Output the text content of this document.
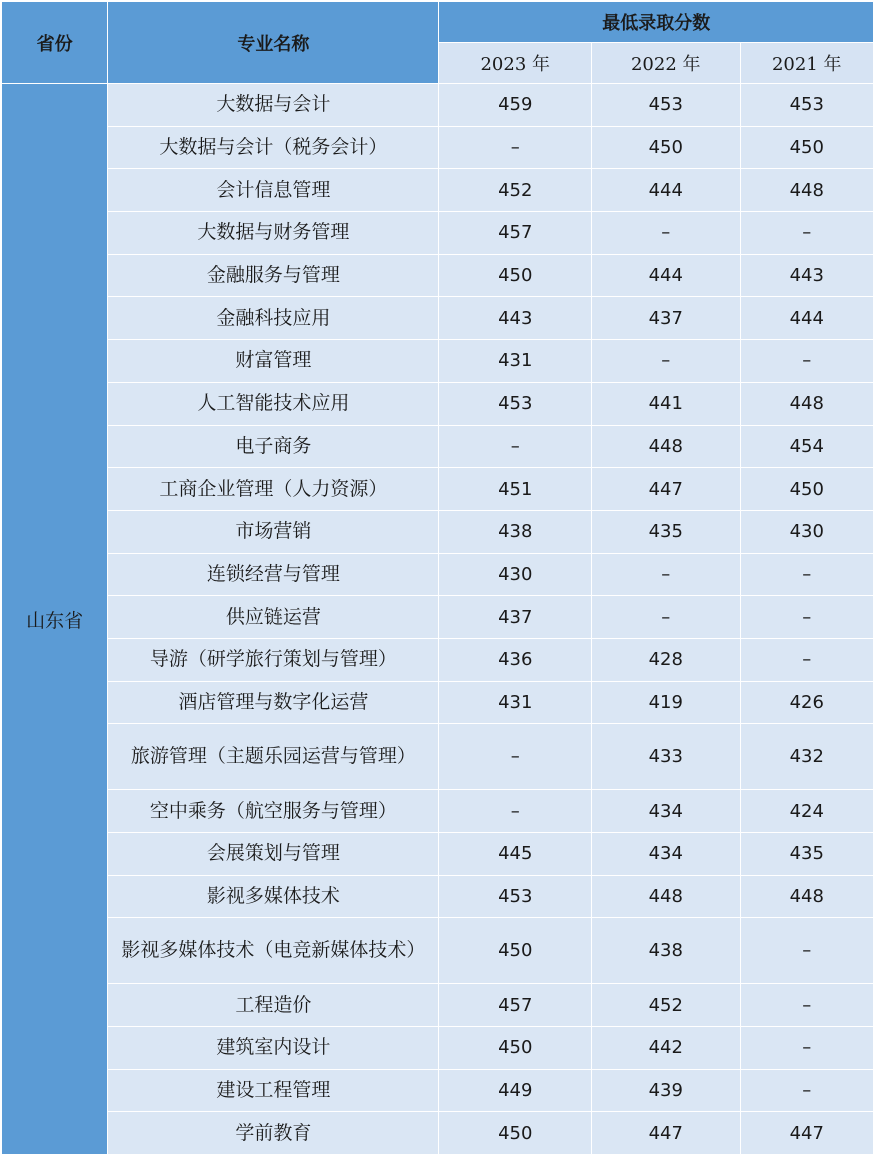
省份	专业名称	最低录取分数		
		2023 年	2022 年	2021 年
山东省	大数据与会计	459	453	453
	大数据与会计（税务会计）	–	450	450
	会计信息管理	452	444	448
	大数据与财务管理	457	–	–
	金融服务与管理	450	444	443
	金融科技应用	443	437	444
	财富管理	431	–	–
	人工智能技术应用	453	441	448
	电子商务	–	448	454
	工商企业管理（人力资源）	451	447	450
	市场营销	438	435	430
	连锁经营与管理	430	–	–
	供应链运营	437	–	–
	导游（研学旅行策划与管理）	436	428	–
	酒店管理与数字化运营	431	419	426
	旅游管理（主题乐园运营与管理）	–	433	432
	空中乘务（航空服务与管理）	–	434	424
	会展策划与管理	445	434	435
	影视多媒体技术	453	448	448
	影视多媒体技术（电竞新媒体技术）	450	438	–
	工程造价	457	452	–
	建筑室内设计	450	442	–
	建设工程管理	449	439	–
	学前教育	450	447	447
